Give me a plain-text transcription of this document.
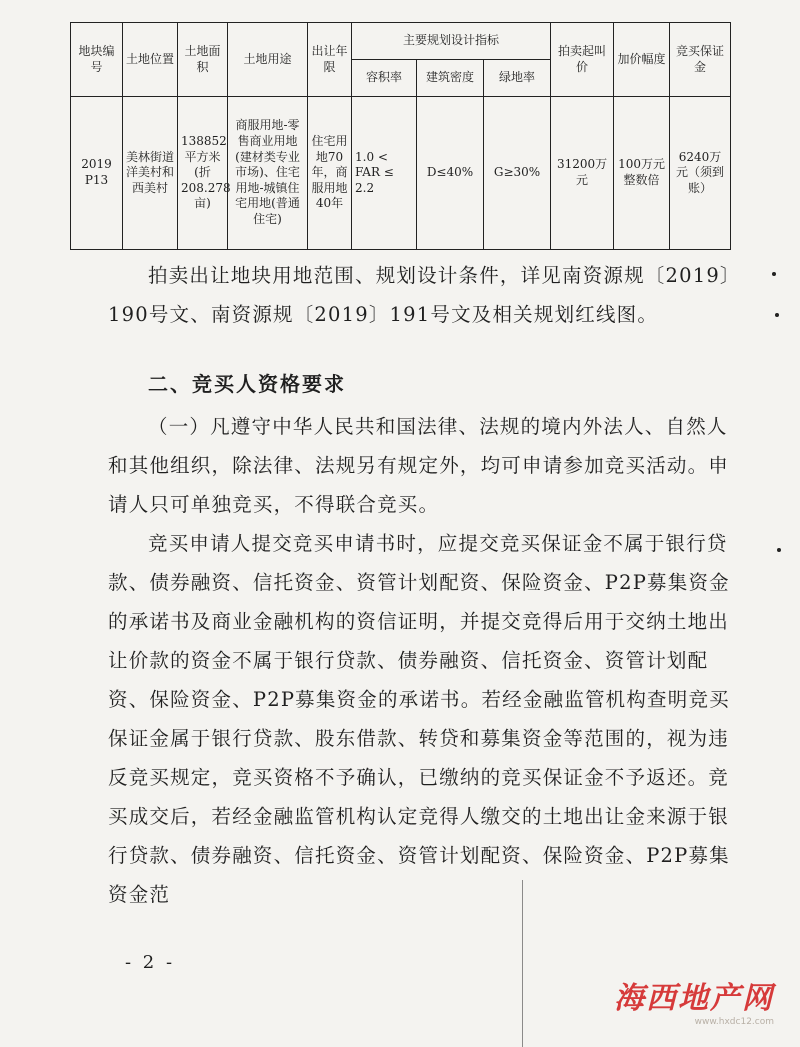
地块编号	土地位置	土地面积	土地用途	出让年限	主要规划设计指标			拍卖起叫价	加价幅度	竞买保证金
					容积率	建筑密度	绿地率			
2019 P13	美林街道洋美村和西美村	138852平方米(折208.278亩)	商服用地-零售商业用地(建材类专业市场)、住宅用地-城镇住宅用地(普通住宅)	住宅用地70年，商服用地40年	1.0 < FAR ≤ 2.2	D≤40%	G≥30%	31200万元	100万元整数倍	6240万元（须到账）
拍卖出让地块用地范围、规划设计条件，详见南资源规〔2019〕190号文、南资源规〔2019〕191号文及相关规划红线图。
二、竞买人资格要求
（一）凡遵守中华人民共和国法律、法规的境内外法人、自然人和其他组织，除法律、法规另有规定外，均可申请参加竞买活动。申请人只可单独竞买，不得联合竞买。
竞买申请人提交竞买申请书时，应提交竞买保证金不属于银行贷款、债券融资、信托资金、资管计划配资、保险资金、P2P募集资金的承诺书及商业金融机构的资信证明，并提交竞得后用于交纳土地出让价款的资金不属于银行贷款、债券融资、信托资金、资管计划配资、保险资金、P2P募集资金的承诺书。若经金融监管机构查明竞买保证金属于银行贷款、股东借款、转贷和募集资金等范围的，视为违反竞买规定，竞买资格不予确认，已缴纳的竞买保证金不予返还。竞买成交后，若经金融监管机构认定竞得人缴交的土地出让金来源于银行贷款、债券融资、信托资金、资管计划配资、保险资金、P2P募集资金范
- 2 -
海西地产网
www.hxdc12.com
